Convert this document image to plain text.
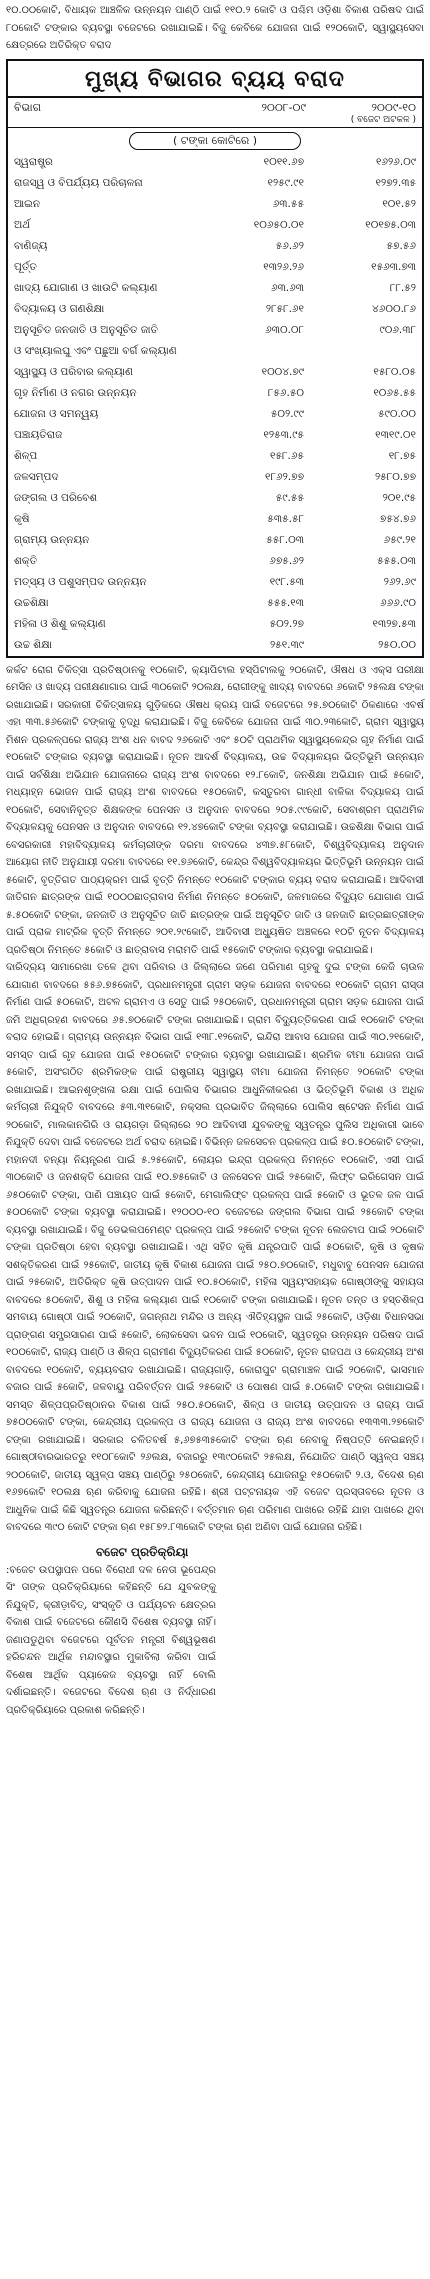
୧୦.୦୦କୋଟି, ବିଧାୟକ ଆଞ୍ଚଳିକ ଉନ୍ନୟନ ପାଣ୍ଠି ପାଇଁ ୧୧୦.୨ କୋଟି ଓ ପଶ୍ଚିମ ଓଡ଼ିଶା ବିକାଶ ପରିଷଦ ପାଇଁ ୮୦କୋଟି ଟଙ୍କାର ବ୍ୟବସ୍ଥା ବଜେଟରେ ରଖାଯାଇଛି। ବିଜୁ କେବିକେ ଯୋଜନା ପାଇଁ ୧୨୦କୋଟି, ସ୍ୱାସ୍ଥ୍ୟସେବା କ୍ଷେତ୍ରରେ ଅତିରିକ୍ତ ବରାଦ

ମୁଖ୍ୟ ବିଭାଗର ବ୍ୟୟ ବରାଦ
ବିଭାଗ	୨୦୦୮-୦୯	୨୦୦୯-୧୦
( ବଜେଟ ଅଟକଳ )
( ଟଙ୍କା କୋଟିରେ )
ସ୍ୱରାଷ୍ଟ୍ର	୧୦୧୧.୬୭	୧୬୨୬.୦୯
ରାଜସ୍ୱ ଓ ବିପର୍ଯ୍ୟୟ ପରିଚାଳନା	୧୨୫୯.୯୧	୧୨୭୨.୩୫
ଆଇନ	୬୩.୫୫	୧୦୧.୫୨
ଅର୍ଥ	୧୦୬୫୦.୦୧	୧୦୧୭୫.୦୩
ବାଣିଜ୍ୟ	୫୬.୬୨	୫୭.୫୬
ପୂର୍ତ୍ତ	୧୩୨୬.୨୬	୧୫୬୩.୭୩
ଖାଦ୍ୟ ଯୋଗାଣ ଓ ଖାଉଟି କଲ୍ୟାଣ	୬୩.୬୩	୮୮.୫୨
ବିଦ୍ୟାଳୟ ଓ ଗଣଶିକ୍ଷା	୨୮୫୮.୬୧	୪୬୦୦.୮୬
ଅନୁସୂଚିତ ଜନଜାତି ଓ ଅନୁସୂଚିତ ଜାତି	୬୩୦.୦୮	୯୦୬.୩୮
ଓ ସଂଖ୍ୟାଲଘୁ ଏବଂ ପଛୁଆ ବର୍ଗ କଲ୍ୟାଣ		
ସ୍ୱାସ୍ଥ୍ୟ ଓ ପରିବାର କଲ୍ୟାଣ	୧୦୦୪.୭୯	୧୫୮୦.୦୫
ଗୃହ ନିର୍ମାଣ ଓ ନଗର ଉନ୍ନୟନ	୮୫୬.୫୦	୧୦୬୫.୫୫
ଯୋଜନା ଓ ସମନ୍ୱୟ	୫୦୨.୯୯	୫୯୦.୦୦
ପଞ୍ଚାୟତିରାଜ	୧୨୫୩.୯୫	୧୩୧୯.୦୧
ଶିଳ୍ପ	୧୫୮.୬୫	୧୮.୭୫
ଜଳସମ୍ପଦ	୧୮୬୨.୭୭	୨୫୮୦.୭୭
ଜଙ୍ଗଲ ଓ ପରିବେଶ	୫୯.୫୫	୨୦୧.୯୫
କୃଷି	୫୩୫.୫୮	୭୫୪.୭୬
ଗ୍ରାମ୍ୟ ଉନ୍ନୟନ	୫୫୮.୦୩	୬୫୯.୨୧
ଶକ୍ତି	୬୭୫.୬୨	୫୫୫.୦୩
ମତ୍ସ୍ୟ ଓ ପଶୁସମ୍ପଦ ଉନ୍ନୟନ	୧୯୮.୫୩	୨୬୨.୬୯
ଉଚ୍ଚଶିକ୍ଷା	୫୫୫.୧୩	୬୬୬.୯୦
ମହିଳା ଓ ଶିଶୁ କଲ୍ୟାଣ	୫୦୨.୨୭	୧୩୨୭.୫୩
ଉଚ୍ଚ ଶିକ୍ଷା	୨୫୧.୩୯	୨୫୦.୦୦

କର୍କଟ ରୋଗ ଚିକିତ୍ସା ପ୍ରତିଷ୍ଠାନକୁ ୧୦କୋଟି, କ୍ୟାପିଟାଲ ହସ୍ପିଟାଲକୁ ୨୦କୋଟି, ଔଷଧ ଓ ଏକ୍ସ ପରୀକ୍ଷା ମେସିନ ଓ ଖାଦ୍ୟ ପରୀକ୍ଷଣାଗାର ପାଇଁ ୩୦କୋଟି ୨୦ଲକ୍ଷ, ରୋଗୀଙ୍କୁ ଖାଦ୍ୟ ବାବଦରେ ୬କୋଟି ୨୫ଲକ୍ଷ ଟଙ୍କା ରଖାଯାଇଛି। ସରକାରୀ ଚିକିତ୍ସାଳୟ ଗୁଡ଼ିକରେ ଔଷଧ କ୍ରୟ ପାଇଁ ବଜେଟରେ ୨୫.୭୦କୋଟି ଠିକଣାରେ ଏବର୍ଷ ଏହା ୩୩.୫୬କୋଟି ଟଙ୍କାକୁ ବୃଦ୍ଧି କରାଯାଇଛି। ବିଜୁ କେବିକେ ଯୋଜନା ପାଇଁ ୩୦.୨୩କୋଟି, ଗ୍ରାମ ସ୍ୱାସ୍ଥ୍ୟ ମିଶନ ପ୍ରକଳ୍ପରେ ରାଜ୍ୟ ଅଂଶ ଧନ ବାବଦ ୨୬କୋଟି ଏବଂ ୫୦ଟି ପ୍ରାଥମିକ ସ୍ୱାସ୍ଥ୍ୟକେନ୍ଦ୍ର ଗୃହ ନିର୍ମାଣ ପାଇଁ ୧୦କୋଟି ଟଙ୍କାର ବ୍ୟବସ୍ଥା କରାଯାଇଛି। ନୂତନ ଆଦର୍ଶ ବିଦ୍ୟାଳୟ, ଉଚ୍ଚ ବିଦ୍ୟାଳୟର ଭିତ୍ତିଭୂମି ଉନ୍ନୟନ ପାଇଁ ସର୍ବଶିକ୍ଷା ଅଭିଯାନ ଯୋଜନାରେ ରାଜ୍ୟ ଅଂଶ ବାବଦରେ ୧୨.୮କୋଟି, ଜନଶିକ୍ଷା ଅଭିଯାନ ପାଇଁ ୫କୋଟି, ମଧ୍ୟାହ୍ନ ଭୋଜନ ପାଇଁ ରାଜ୍ୟ ଅଂଶ ବାବଦରେ ୧୫୦କୋଟି, କସ୍ତୁରବା ଗାନ୍ଧୀ ବାଳିକା ବିଦ୍ୟାଳୟ ପାଇଁ ୧୦କୋଟି, ସେବାନିବୃତ୍ତ ଶିକ୍ଷକଙ୍କ ପେନସନ ଓ ଅନୁଦାନ ବାବଦରେ ୨୦୫.୯୯କୋଟି, ସେବାଶ୍ରମ ପ୍ରାଥମିକ ବିଦ୍ୟାଳୟକୁ ପେନସନ ଓ ଅନୁଦାନ ବାବଦରେ ୧୨.୪୭କୋଟି ଟଙ୍କା ବ୍ୟବସ୍ଥା କରାଯାଇଛି। ଉଚ୍ଚଶିକ୍ଷା ବିଭାଗ ପାଇଁ ବେସରକାରୀ ମହାବିଦ୍ୟାଳୟ କର୍ମଚାରୀଙ୍କ ଦରମା ବାବଦରେ ୪୩୭.୫୮କୋଟି, ବିଶ୍ୱବିଦ୍ୟାଳୟ ଅନୁଦାନ ଆୟୋଗ ନୀତି ଅନୁଯାୟୀ ଦରମା ବାବଦରେ ୧୧.୭୬କୋଟି, କେନ୍ଦ୍ର ବିଶ୍ୱବିଦ୍ୟାଳୟର ଭିତ୍ତିଭୂମି ଉନ୍ନୟନ ପାଇଁ ୫କୋଟି, ବୃତ୍ତିଗତ ପାଠ୍ୟକ୍ରମ ପାଇଁ ବୃତ୍ତି ନିମନ୍ତେ ୧୦କୋଟି ଟଙ୍କାର ବ୍ୟୟ ବରାଦ କରାଯାଇଛି। ଆଦିବାସୀ ଜାତିଗନ ଛାତ୍ରଙ୍କ ପାଇଁ ୧୦୦୦ଛାତ୍ରାବାସ ନିର୍ମାଣ ନିମନ୍ତେ ୫୦କୋଟି, ଜଳମାଜରେ ବିଦ୍ୟୁତ ଯୋଗାଣ ପାଇଁ ୫.୫୦କୋଟି ଟଙ୍କା, ଜନଜାତି ଓ ଅନୁସୂଚିତ ଜାତି ଛାତ୍ରଙ୍କ ପାଇଁ ଅନୁସୂଚିତ ଜାତି ଓ ଜନଜାତି ଛାତ୍ରଛାତ୍ରୀଙ୍କ ପାଇଁ ପ୍ରାକ ମାଟ୍ରିକ ବୃତ୍ତି ନିମନ୍ତେ ୨୦୧.୨୯କୋଟି, ଆଦିବାସୀ ଅଧ୍ୟୁଷିତ ଅଞ୍ଚଳରେ ୧୦ଟି ନୂତନ ବିଦ୍ୟାଳୟ ପ୍ରତିଷ୍ଠା ନିମନ୍ତେ ୫କୋଟି ଓ ଛାତ୍ରାବାସ ମରାମତି ପାଇଁ ୧୫କୋଟି ଟଙ୍କାର ବ୍ୟବସ୍ଥା କରାଯାଇଛି।

ଦାରିଦ୍ର୍ୟ ସାମାରେଖା ତଳେ ଥିବା ପରିବାର ଓ ଜିଲ୍ଲାରେ ଜଣେ ପରିମାଣ ଗୃହକୁ ଦୁଇ ଟଙ୍କା କେଜି ଚାଉଳ ଯୋଗାଣ ବାବଦରେ ୫୫୬.୭୫କୋଟି, ପ୍ରଧାନମନ୍ତ୍ରୀ ଗ୍ରାମ ସଡ଼କ ଯୋଜନା ବାବଦରେ ୧୦କୋଟି ଗ୍ରାମ ରାସ୍ତା ନିର୍ମାଣ ପାଇଁ ୫୦କୋଟି, ଅଟଳ ଗ୍ରାମଏ ଓ ସେତୁ ପାଇଁ ୨୫୦କୋଟି, ପ୍ରଧାନମନ୍ତ୍ରୀ ଗ୍ରାମ ସଡ଼କ ଯୋଜନା ପାଇଁ ଜମି ଅଧିଗ୍ରହଣ ବାବଦରେ ୬୫.୭୦କୋଟି ଟଙ୍କା ରଖାଯାଇଛି। ଗ୍ରାମ ବିଦ୍ୟୁତ୍ତିକରଣ ପାଇଁ ୧୦କୋଟି ଟଙ୍କା ବରାଦ ହୋଇଛି। ଗ୍ରାମ୍ୟ ଉନ୍ନୟନ ବିଭାଗ ପାଇଁ ୧୩୮.୧୨କୋଟି, ଇନ୍ଦିରା ଆବାସ ଯୋଜନା ପାଇଁ ୩୦.୨୧କୋଟି, ସମସ୍ତ ପାଇଁ ଗୃହ ଯୋଜନା ପାଇଁ ୧୫୦କୋଟି ଟଙ୍କାର ବ୍ୟବସ୍ଥା ରଖାଯାଇଛି। ଶ୍ରମିକ ବୀମା ଯୋଜନା ପାଇଁ ୫କୋଟି, ଅସଂଗଠିତ ଶ୍ରମିକଙ୍କ ପାଇଁ ରାଷ୍ଟ୍ରୀୟ ସ୍ୱାସ୍ଥ୍ୟ ବୀମା ଯୋଜନା ନିମନ୍ତେ ୨୦କୋଟି ଟଙ୍କା ରଖାଯାଇଛି। ଆଇନଶୃଙ୍ଖଳା ରକ୍ଷା ପାଇଁ ପୋଲିସ ବିଭାଗର ଆଧୁନିକୀକରଣ ଓ ଭିତ୍ତିଭୂମି ବିକାଶ ଓ ଅଧିକ କର୍ମଚାରୀ ନିଯୁକ୍ତି ବାବଦରେ ୫୩.୩୧କୋଟି, ନକ୍ସଲ ପ୍ରଭାବିତ ଜିଲ୍ଲାରେ ପୋଲିସ ଷ୍ଟେସନ ନିର୍ମାଣ ପାଇଁ ୨୦କୋଟି, ମାଲକାନଗିରି ଓ ରାୟଗଡ଼ା ଜିଲ୍ଲାରେ ୨୦ ଆଦିବାସୀ ଯୁବକଙ୍କୁ ସ୍ୱତନ୍ତ୍ର ପୁଲିସ ଅଧିକାରୀ ଭାବେ ନିଯୁକ୍ତି ଦେବା ପାଇଁ ବଜେଟରେ ଅର୍ଥ ବରାଦ ହୋଇଛି। ବିଭିନ୍ନ ଜଳସେଚନ ପ୍ରକଳ୍ପ ପାଇଁ ୫୦.୫୦କୋଟି ଟଙ୍କା, ମହାନଦୀ ବନ୍ୟା ନିୟନ୍ତ୍ରଣ ପାଇଁ ୫.୨୫କୋଟି, ଲୋୟର ଇନ୍ଦ୍ରା ପ୍ରକଳ୍ପ ନିମନ୍ତେ ୧୦କୋଟି, ଏସୀ ପାଇଁ ୩୦କୋଟି ଓ ଜନଶକ୍ତି ଯୋଜନା ପାଇଁ ୧୦.୭୫କୋଟି ଓ ଜଳସେଚନ ପାଇଁ ୨୫କୋଟି, ଲିଫ୍ଟ ଇରିଗେସନ ପାଇଁ ୬୫୦କୋଟି ଟଙ୍କା, ପାଣି ପଞ୍ଚାୟତ ପାଇଁ ୫କୋଟି, ମେଗାଲିଫ୍ଟ ପ୍ରକଳ୍ପ ପାଇଁ ୫କୋଟି ଓ ଭୂତଳ ଜଳ ପାଇଁ ୫୦୦କୋଟି ଟଙ୍କା ବ୍ୟବସ୍ଥା କରାଯାଇଛି। ୧୨୦୦୦-୧୦ ବଜେଟରେ ଜଙ୍ଗଲ ବିଭାଗ ପାଇଁ ୨୫କୋଟି ଟଙ୍କା ବ୍ୟବସ୍ଥା ରଖାଯାଇଛି। ବିଜୁ ଡେଭଲପମେଣ୍ଟ ପ୍ରକଳ୍ପ ପାଇଁ ୨୫କୋଟି ଟଙ୍କା ନୂତନ ଲେଜଟାପ ପାଇଁ ୨୦କୋଟି ଟଙ୍କା ପ୍ରତିଷ୍ଠା ହେବା ବ୍ୟବସ୍ଥା ରଖାଯାଇଛି। ଏଥି ସହିତ କୃଷି ଯନ୍ତ୍ରପାତି ପାଇଁ ୫୦କୋଟି, କୃଷି ଓ କୃଷକ ସଶକ୍ତିକରଣ ପାଇଁ ୨୫କୋଟି, ଜାତୀୟ କୃଷି ବିକାଶ ଯୋଜନା ପାଇଁ ୨୫୦.୭୦କୋଟି, ମଧୁବାବୁ ପେନସନ ଯୋଜନା ପାଇଁ ୨୫କୋଟି, ଅତିରିକ୍ତ କୃଷି ଉତ୍ପାଦନ ପାଇଁ ୧୦.୫୦କୋଟି, ମହିଳା ସ୍ୱୟଂସହାୟକ ଗୋଷ୍ଠୀଙ୍କୁ ସହାୟତା ବାବଦରେ ୫୦କୋଟି, ଶିଶୁ ଓ ମହିଳା କଲ୍ୟାଣ ପାଇଁ ୧୦କୋଟି ଟଙ୍କା ରଖାଯାଇଛି। ନୂତନ ତନ୍ତ ଓ ହସ୍ତଶିଳ୍ପ ସମବାୟ ଗୋଷ୍ଠୀ ପାଇଁ ୨୦କୋଟି, ଜଗନ୍ନାଥ ମନ୍ଦିର ଓ ଅନ୍ୟ ଐତିହ୍ୟସ୍ଥଳ ପାଇଁ ୨୫କୋଟି, ଓଡ଼ିଶା ବିଧାନସଭା ପ୍ରାଙ୍ଗଣ ସମ୍ପ୍ରସାରଣ ପାଇଁ ୫କୋଟି, ଲୋକସେବା ଭବନ ପାଇଁ ୧୦କୋଟି, ସ୍ୱତନ୍ତ୍ର ଉନ୍ନୟନ ପରିଷଦ ପାଇଁ ୧୦୦କୋଟି, ରାଜ୍ୟ ପାଣ୍ଠି ଓ ଶିଳ୍ପ ଗ୍ରାମୀଣ ବିଦ୍ୟୁତିକରଣ ପାଇଁ ୫୦କୋଟି, ନୂତନ ରାଜପଥ ଓ କେନ୍ଦ୍ରୀୟ ଅଂଶ ବାବଦରେ ୧୦କୋଟି, ବ୍ୟୟବରାଦ ରଖାଯାଇଛି। ରାଜ୍ୟଗାଡ଼ି, କୋରାପୁଟ ଗ୍ରାମାଞ୍ଚଳ ପାଇଁ ୨୦କୋଟି, ଭାସମାନ ବଜାର ପାଇଁ ୫କୋଟି, ଜଳବାୟୁ ପରିବର୍ତ୍ତନ ପାଇଁ ୨୫କୋଟି ଓ ପୋଷଣ ପାଇଁ ୫.୦କୋଟି ଟଙ୍କା ରଖାଯାଇଛି। ସମସ୍ତ ଶିଳ୍ପପ୍ରତିଷ୍ଠାନର ବିକାଶ ପାଇଁ ୨୫୦.୫୦କୋଟି, ଶିଳ୍ପ ଓ ଜାତୀୟ ଉତ୍ପାଦନ ଓ ରାଜ୍ୟ ପାଇଁ ୭୫୦୦କୋଟି ଟଙ୍କା, କେନ୍ଦ୍ରୀୟ ପ୍ରକଳ୍ପ ଓ ରାଜ୍ୟ ଯୋଜନା ଓ ରାଜ୍ୟ ଅଂଶ ବାବଦରେ ୧୩୩୩.୨୭କୋଟି ଟଙ୍କା ରଖାଯାଇଛି। ସରକାର ଚଳିତବର୍ଷ ୫,୬୭୫୩୫କୋଟି ଟଙ୍କା ଋଣ ନେବାକୁ ନିଷ୍ପତ୍ତି ନେଇଛନ୍ତି। ଗୋଷ୍ଠୀବାରଭାରତରୁ ୧୧୦୮କୋଟି ୨୬ଲକ୍ଷ, ବଜାରରୁ ୧୩୯୦କୋଟି ୨୫ଲକ୍ଷ, ନିଯୋଜିତ ପାଣ୍ଠି ସ୍ୱଳ୍ପ ସଞ୍ଚୟ ୨୦୦କୋଟି, ଜାତୀୟ ସ୍ୱଳ୍ପ ସଞ୍ଚୟ ପାଣ୍ଠିରୁ ୨୫୦କୋଟି, କେନ୍ଦ୍ରୀୟ ଯୋଜନାରୁ ୧୫୦କୋଟି ୨.ଓ, ବିଦେଶ ଋଣ ୧୬୭କୋଟି ୧୦ଲକ୍ଷ ଋଣ କରିବାକୁ ଯୋଜନା ରହିଛି। ଶ୍ରୀ ପଟ୍ଟନାୟକ ଏହି ବଜେଟ ପ୍ରସ୍ତାବରେ ନୂତନ ଓ ଆଧୁନିକ ପାଇଁ କିଛି ସ୍ୱତନ୍ତ୍ର ଯୋଜନା କରିଛନ୍ତି। ବର୍ତ୍ତମାନ ଋଣ ପରିମାଣ ପାଖରେ ରହିଛି ଯାହା ପାଖରେ ଥିବା ବାବଦରେ ୩୯୦ କୋଟି ଟଙ୍କା ଋଣ ୧୫୮୭୨.୮୩କୋଟି ଟଙ୍କା ଋଣ ଅଣିବା ପାଇଁ ଯୋଜନା ରହିଛି।

ବଜେଟ ପ୍ରତିକ୍ରିୟା

:ବଜେଟ ଉପସ୍ଥାପନ ପରେ ବିରୋଧୀ ଦଳ ନେତା ଭୂପେନ୍ଦ୍ର ସିଂ ତାଙ୍କ ପ୍ରତିକ୍ରିୟାରେ କହିଛନ୍ତି ଯେ ଯୁବକଙ୍କୁ ନିଯୁକ୍ତି, କ୍ରୀଡ଼ାବିତ୍, ସଂସ୍କୃତି ଓ ପର୍ଯ୍ୟଟନ କ୍ଷେତ୍ରର ବିକାଶ ପାଇଁ ବଜେଟରେ କୌଣସି ବିଶେଷ ବ୍ୟବସ୍ଥା ନାହିଁ। ଜଣାପଡୁଥିବା ବଜେଟରେ ପୂର୍ବତନ ମନ୍ତ୍ରୀ ବିଶ୍ୱଭୂଷଣ ହରିଚନ୍ଦନ ଆର୍ଥିକ ମନ୍ଦାବସ୍ଥାର ମୁକାବିଲା କରିବା ପାଇଁ ବିଶେଷ ଆର୍ଥିକ ପ୍ୟାକେଜ ବ୍ୟବସ୍ଥା ନାହିଁ ବୋଲି ଦର୍ଶାଇଛନ୍ତି। ବଜେଟରେ ବିଦେଶ ଋଣ ଓ ନିର୍ଦ୍ଧାରଣ ପ୍ରତିକ୍ରିୟାରେ ପ୍ରକାଶ କରିଛନ୍ତି।
